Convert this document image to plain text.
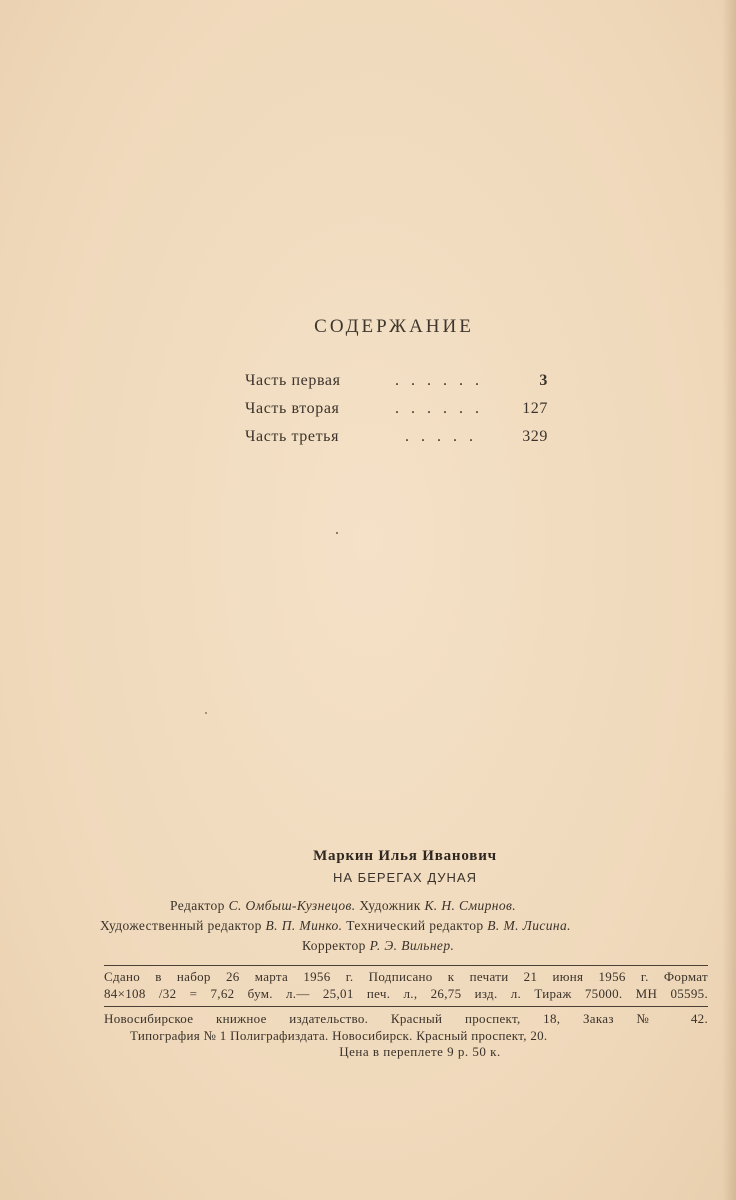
СОДЕРЖАНИЕ
Часть первая	. . . . . .	3
Часть вторая	. . . . . . 127
Часть третья	. . . . .	329
Маркин Илья Иванович
НА БЕРЕГАХ ДУНАЯ
Редактор С. Омбыш-Кузнецов. Художник К. Н. Смирнов.
Художественный редактор В. П. Минко. Технический редактор В. М. Лисина.
Корректор Р. Э. Вильнер.
Сдано в набор 26 марта 1956 г. Подписано к печати 21 июня 1956 г. Формат
84×108 /32 = 7,62 бум. л.— 25,01 печ. л., 26,75 изд. л. Тираж 75000. МН 05595.
Новосибирское книжное издательство. Красный проспект, 18, Заказ № 42.
Типография № 1 Полиграфиздата. Новосибирск. Красный проспект, 20.
Цена в переплете 9 р. 50 к.
